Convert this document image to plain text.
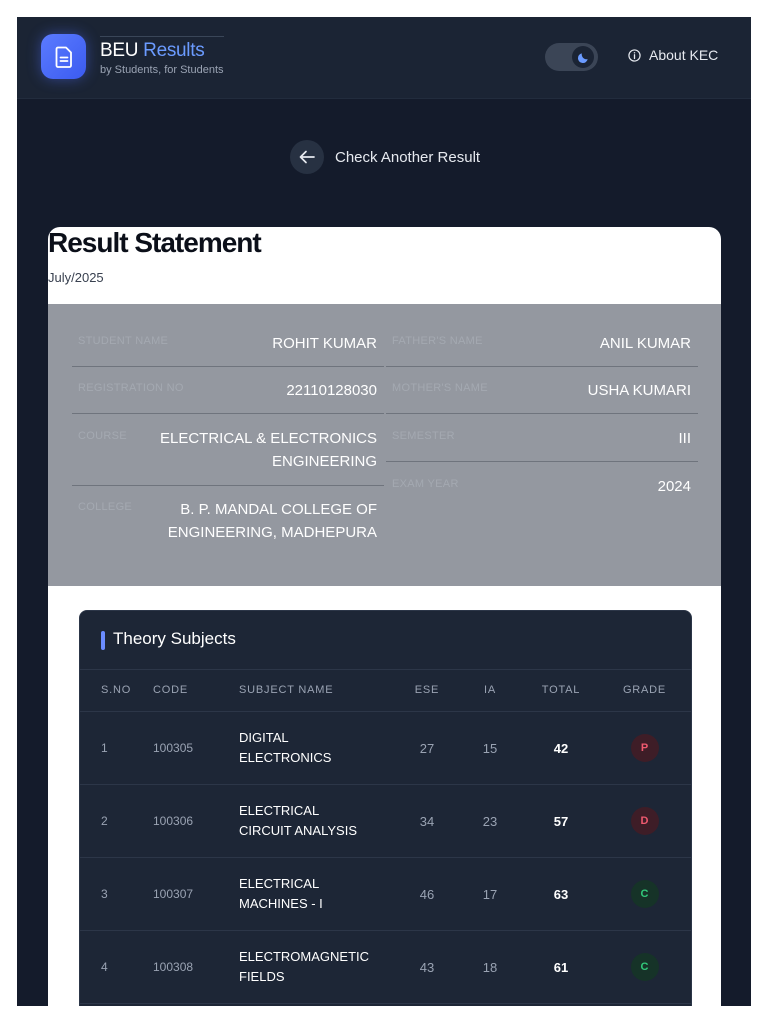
BEU Results
by Students, for Students
About KEC
Check Another Result
Result Statement
July/2025
STUDENT NAME	ROHIT KUMAR FATHER'S NAME	ANIL KUMAR
REGISTRATION NO	22110128030 MOTHER'S NAME	USHA KUMARI
COURSE	ELECTRICAL & ELECTRONICS ENGINEERING
SEMESTER	III
COLLEGE	B. P. MANDAL COLLEGE OF ENGINEERING, MADHEPURA
EXAM YEAR	2024
Theory Subjects
S.NO	CODE	SUBJECT NAME	ESE	IA	TOTAL	GRADE
1	100305	DIGITAL
ELECTRONICS	27	15	42	P
2	100306	ELECTRICAL
CIRCUIT ANALYSIS	34	23	57	D
3	100307	ELECTRICAL
MACHINES - I	46	17	63	C
4	100308	ELECTROMAGNETIC
FIELDS	43	18	61	C
